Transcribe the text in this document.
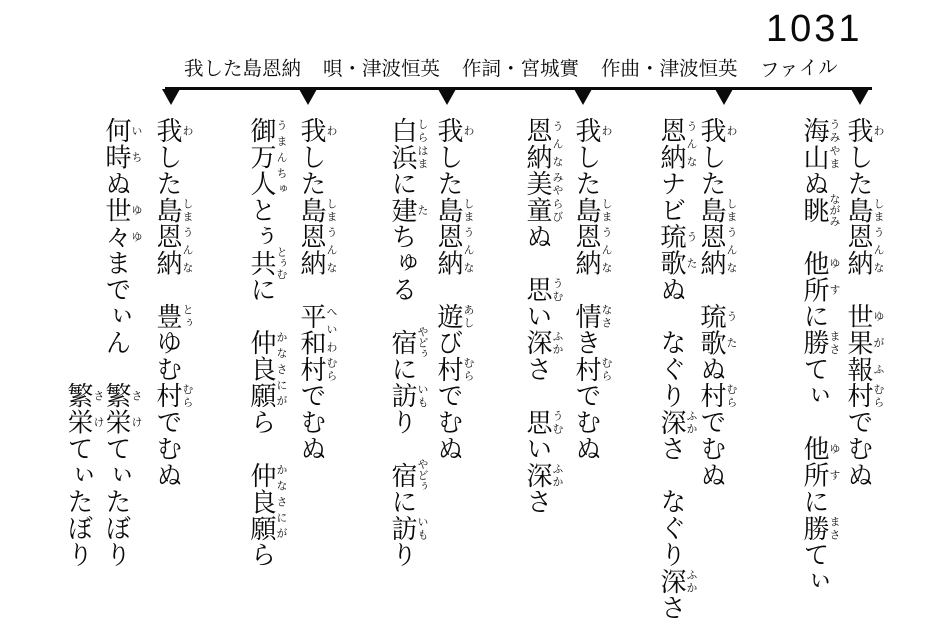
1031
我した島恩納 唄・津波恒英 作詞・宮城實 作曲・津波恒英 ファイル
我わした島しま恩納うんな　世果報ゆがふ村むらでむぬ
海うみ山やまぬ眺ながみ　他所ゆすに勝まさてぃ　他所ゆすに勝まさてぃ
我わした島しま恩納うんな　琉歌うたぬ村むらでむぬ
恩納うんなナビ琉歌うたぬ　なぐり深ふかさ　なぐり深ふかさ
我わした島しま恩納うんな　情なさき村むらでむぬ
恩納うんな美童みやらびぬ　思うむい深ふかさ　思うむい深ふかさ
我わした島しま恩納うんな　遊あしび村むらでむぬ
白しら浜はまに建たちゅる　宿やどぅに訪いもり　宿やどぅに訪いもり
我わした島しま恩納うんな　平和へいわ村むらでむぬ
御万人うまんちゅとぅ共とぅむに　仲良願かなさにがら　仲良願かなさにがら
我わした島しま恩納うんな　豊とぅゆむ村むらでむぬ
何時いちぬ世々ゆゆまでぃん　繁栄さけてぃたぼり
繁栄さけてぃたぼり
